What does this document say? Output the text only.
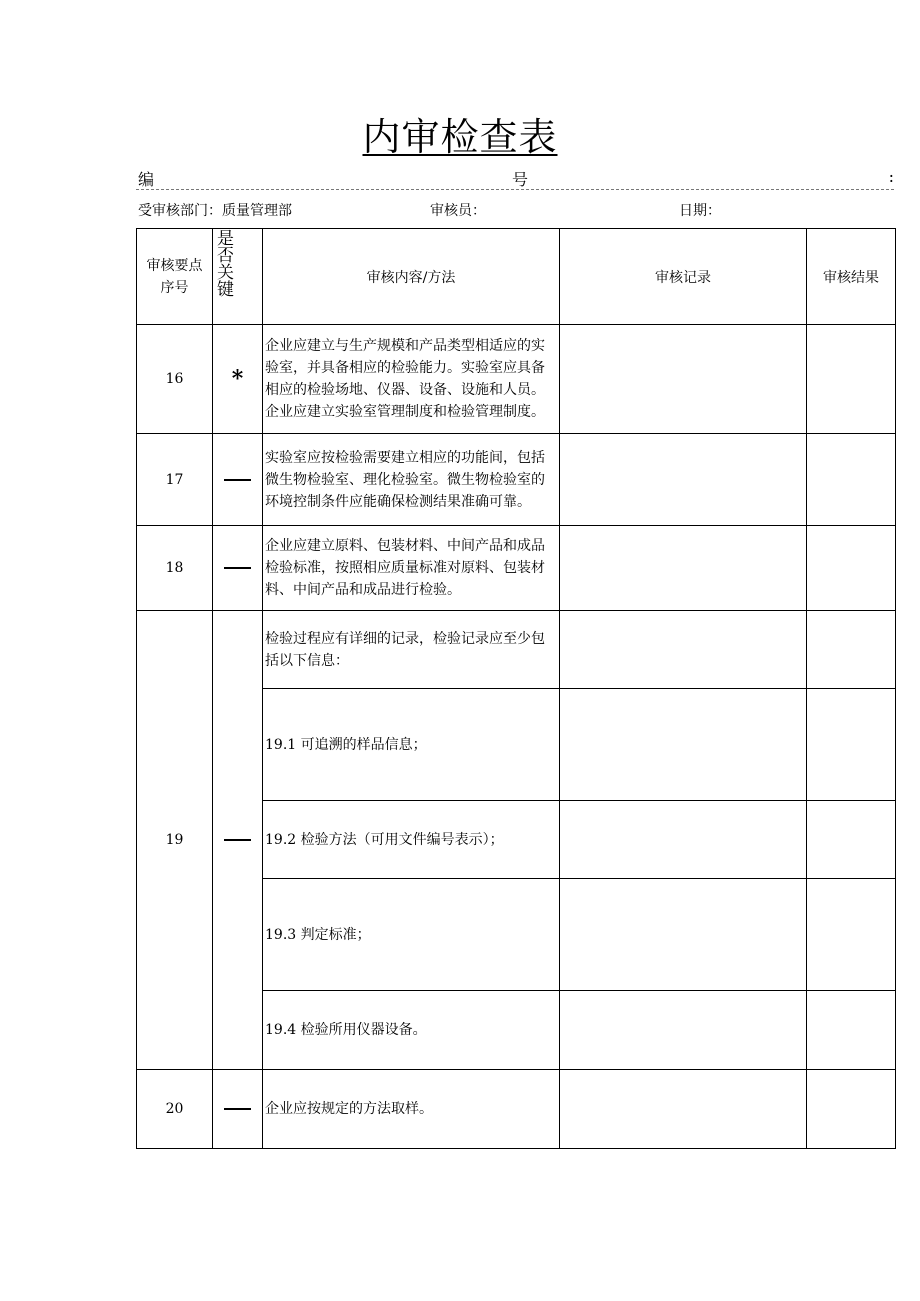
内审检查表
编	号	:
受审核部门：质量管理部	审核员：	日期：
审核要点序号	是否关键	审核内容/方法	审核记录	审核结果
16	*	企业应建立与生产规模和产品类型相适应的实验室，并具备相应的检验能力。实验室应具备相应的检验场地、仪器、设备、设施和人员。企业应建立实验室管理制度和检验管理制度。		
17		实验室应按检验需要建立相应的功能间，包括微生物检验室、理化检验室。微生物检验室的环境控制条件应能确保检测结果准确可靠。		
18		企业应建立原料、包装材料、中间产品和成品检验标准，按照相应质量标准对原料、包装材料、中间产品和成品进行检验。		
19		检验过程应有详细的记录，检验记录应至少包括以下信息：		
		19.1 可追溯的样品信息；		
		19.2 检验方法（可用文件编号表示）；		
		19.3 判定标准；		
		19.4 检验所用仪器设备。		
20		企业应按规定的方法取样。		
